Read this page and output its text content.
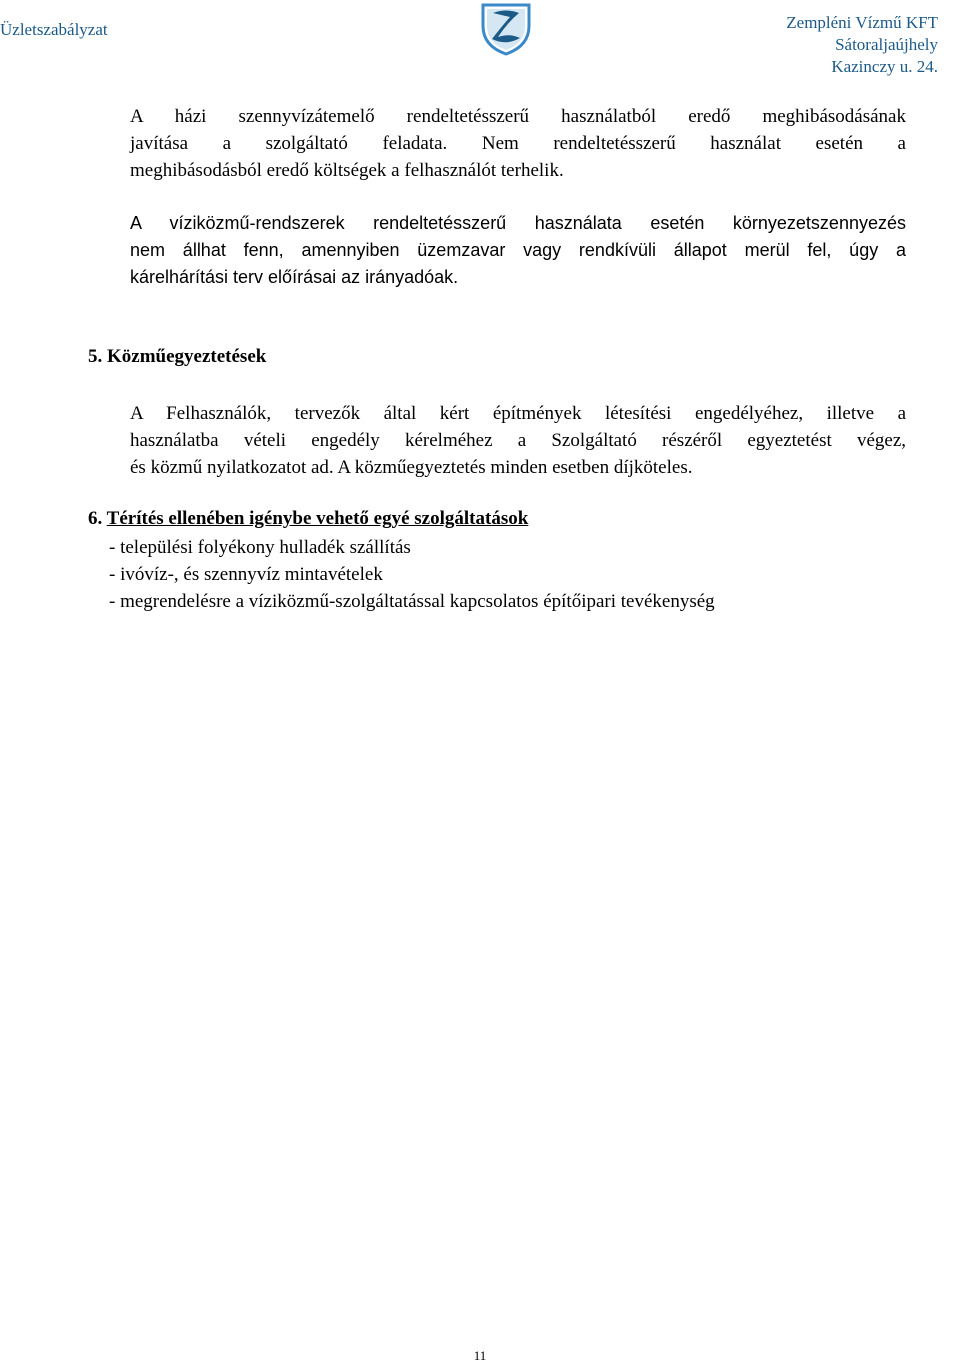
Üzletszabályzat	Zempléni Vízmű KFT
Sátoraljaújhely
Kazinczy u. 24.
A házi szennyvízátemelő rendeltetésszerű használatból eredő meghibásodásának
javítása a szolgáltató feladata. Nem rendeltetésszerű használat esetén a
meghibásodásból eredő költségek a felhasználót terhelik.
A víziközmű-rendszerek rendeltetésszerű használata esetén környezetszennyezés
nem állhat fenn, amennyiben üzemzavar vagy rendkívüli állapot merül fel, úgy a
kárelhárítási terv előírásai az irányadóak.
5. Közműegyeztetések
A Felhasználók, tervezők által kért építmények létesítési engedélyéhez, illetve a
használatba vételi engedély kérelméhez a Szolgáltató részéről egyeztetést végez,
és közmű nyilatkozatot ad. A közműegyeztetés minden esetben díjköteles.
6. Térítés ellenében igénybe vehető egyé szolgáltatások
- települési folyékony hulladék szállítás
- ivóvíz-, és szennyvíz mintavételek
- megrendelésre a víziközmű-szolgáltatással kapcsolatos építőipari tevékenység
11
